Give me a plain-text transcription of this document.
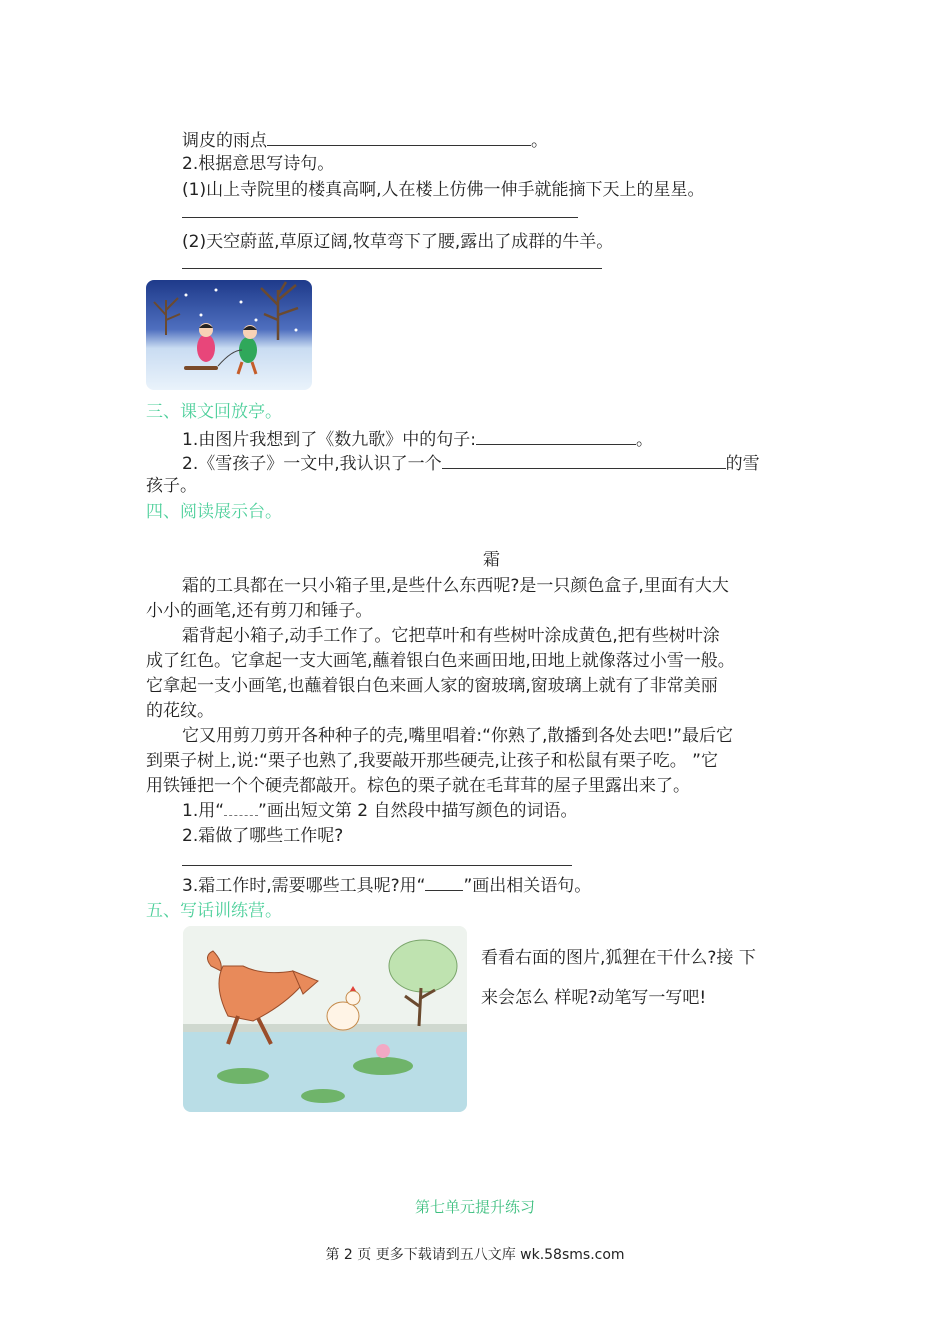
调皮的雨点	。
2.根据意思写诗句。
(1)山上寺院里的楼真高啊,人在楼上仿佛一伸手就能摘下天上的星星。
(2)天空蔚蓝,草原辽阔,牧草弯下了腰,露出了成群的牛羊。
三、课文回放亭。
1.由图片我想到了《数九歌》中的句子:	。
2.《雪孩子》一文中,我认识了一个	的雪
孩子。
四、阅读展示台。
霜
霜的工具都在一只小箱子里,是些什么东西呢?是一只颜色盒子,里面有大大
小小的画笔,还有剪刀和锤子。
霜背起小箱子,动手工作了。它把草叶和有些树叶涂成黄色,把有些树叶涂
成了红色。它拿起一支大画笔,蘸着银白色来画田地,田地上就像落过小雪一般。
它拿起一支小画笔,也蘸着银白色来画人家的窗玻璃,窗玻璃上就有了非常美丽
的花纹。
它又用剪刀剪开各种种子的壳,嘴里唱着:“你熟了,散播到各处去吧!”最后它
到栗子树上,说:“栗子也熟了,我要敲开那些硬壳,让孩子和松鼠有栗子吃。 ”它
用铁锤把一个个硬壳都敲开。棕色的栗子就在毛茸茸的屋子里露出来了。
1.用“ ”画出短文第 2 自然段中描写颜色的词语。
2.霜做了哪些工作呢?
3.霜工作时,需要哪些工具呢?用“ ”画出相关语句。
五、写话训练营。
看看右面的图片,狐狸在干什么?接 下
来会怎么 样呢?动笔写一写吧!
第七单元提升练习
第 2 页 更多下载请到五八文库 wk.58sms.com
